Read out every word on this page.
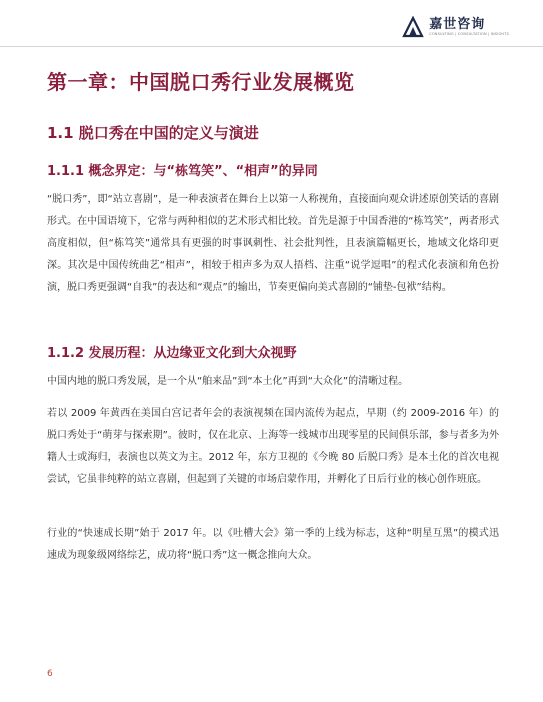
嘉世咨询
CONSULTING | CONSULTATION | INSIGHTS
第一章：中国脱口秀行业发展概览
1.1 脱口秀在中国的定义与演进
1.1.1 概念界定：与“栋笃笑”、“相声”的异同

“脱口秀”，即“站立喜剧”，是一种表演者在舞台上以第一人称视角，直接面向观众讲述原创笑话的喜剧形式。在中国语境下，它常与两种相似的艺术形式相比较。首先是源于中国香港的“栋笃笑”，两者形式高度相似，但“栋笃笑”通常具有更强的时事讽刺性、社会批判性，且表演篇幅更长，地域文化烙印更深。其次是中国传统曲艺“相声”，相较于相声多为双人捂档、注重“说学逗唱”的程式化表演和角色扮演，脱口秀更强调“自我”的表达和“观点”的输出，节奏更偏向美式喜剧的“铺垫-包袱”结构。

1.1.2 发展历程：从边缘亚文化到大众视野

中国内地的脱口秀发展，是一个从“舶来品”到“本土化”再到“大众化”的清晰过程。

若以 2009 年黄西在美国白宫记者年会的表演视频在国内流传为起点，早期（约 2009-2016 年）的脱口秀处于“萌芽与探索期”。彼时，仅在北京、上海等一线城市出现零星的民间俱乐部，参与者多为外籍人士或海归，表演也以英文为主。2012 年，东方卫视的《今晚 80 后脱口秀》是本土化的首次电视尝试，它虽非纯粹的站立喜剧，但起到了关键的市场启蒙作用，并孵化了日后行业的核心创作班底。

行业的“快速成长期”始于 2017 年。以《吐槽大会》第一季的上线为标志，这种“明星互黑”的模式迅速成为现象级网络综艺，成功将“脱口秀”这一概念推向大众。

6
